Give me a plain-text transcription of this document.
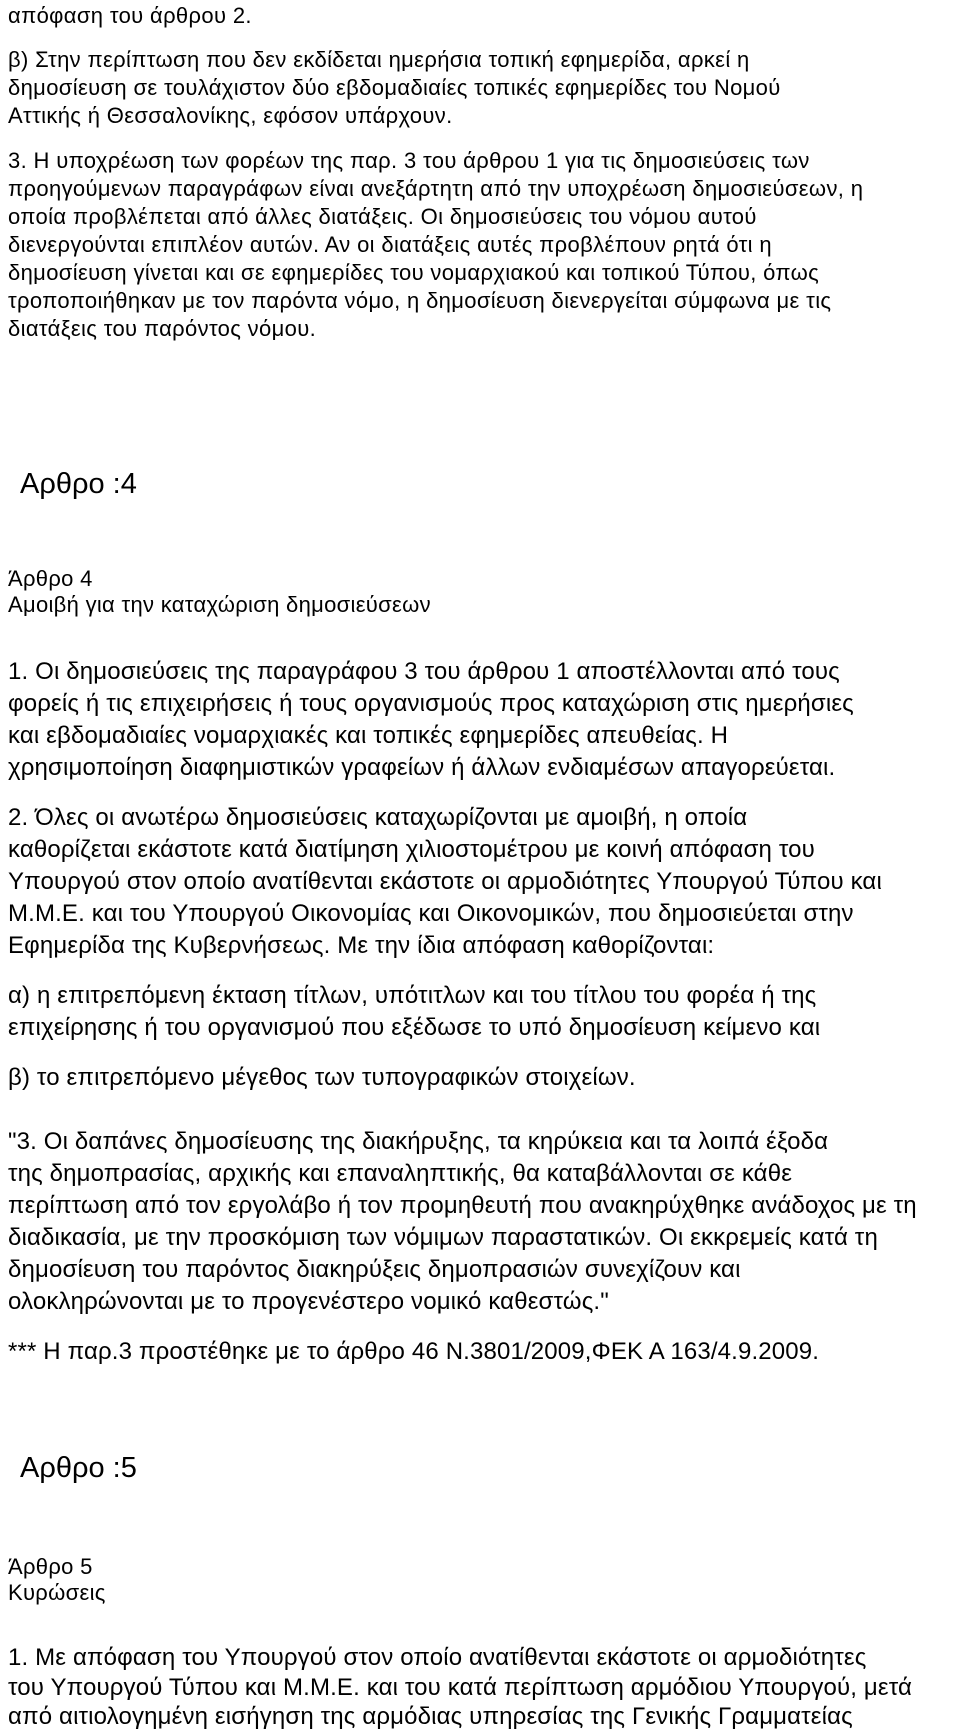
απόφαση του άρθρου 2.
β) Στην περίπτωση που δεν εκδίδεται ημερήσια τοπική εφημερίδα, αρκεί η
δημοσίευση σε τουλάχιστον δύο εβδομαδιαίες τοπικές εφημερίδες του Νομού
Αττικής ή Θεσσαλονίκης, εφόσον υπάρχουν.
3. Η υποχρέωση των φορέων της παρ. 3 του άρθρου 1 για τις δημοσιεύσεις των
προηγούμενων παραγράφων είναι ανεξάρτητη από την υποχρέωση δημοσιεύσεων, η
οποία προβλέπεται από άλλες διατάξεις. Οι δημοσιεύσεις του νόμου αυτού
διενεργούνται επιπλέον αυτών. Αν οι διατάξεις αυτές προβλέπουν ρητά ότι η
δημοσίευση γίνεται και σε εφημερίδες του νομαρχιακού και τοπικού Τύπου, όπως
τροποποιήθηκαν με τον παρόντα νόμο, η δημοσίευση διενεργείται σύμφωνα με τις
διατάξεις του παρόντος νόμου.
Αρθρο :4
Άρθρο 4
Αμοιβή για την καταχώριση δημοσιεύσεων
1. Οι δημοσιεύσεις της παραγράφου 3 του άρθρου 1 αποστέλλονται από τους
φορείς ή τις επιχειρήσεις ή τους οργανισμούς προς καταχώριση στις ημερήσιες
και εβδομαδιαίες νομαρχιακές και τοπικές εφημερίδες απευθείας. Η
χρησιμοποίηση διαφημιστικών γραφείων ή άλλων ενδιαμέσων απαγορεύεται.
2. Όλες οι ανωτέρω δημοσιεύσεις καταχωρίζονται με αμοιβή, η οποία
καθορίζεται εκάστοτε κατά διατίμηση χιλιοστομέτρου με κοινή απόφαση του
Υπουργού στον οποίο ανατίθενται εκάστοτε οι αρμοδιότητες Υπουργού Τύπου και
Μ.Μ.Ε. και του Υπουργού Οικονομίας και Οικονομικών, που δημοσιεύεται στην
Εφημερίδα της Κυβερνήσεως. Με την ίδια απόφαση καθορίζονται:
α) η επιτρεπόμενη έκταση τίτλων, υπότιτλων και του τίτλου του φορέα ή της
επιχείρησης ή του οργανισμού που εξέδωσε το υπό δημοσίευση κείμενο και
β) το επιτρεπόμενο μέγεθος των τυπογραφικών στοιχείων.
"3. Οι δαπάνες δημοσίευσης της διακήρυξης, τα κηρύκεια και τα λοιπά έξοδα
της δημοπρασίας, αρχικής και επαναληπτικής, θα καταβάλλονται σε κάθε
περίπτωση από τον εργολάβο ή τον προμηθευτή που ανακηρύχθηκε ανάδοχος με τη
διαδικασία, με την προσκόμιση των νόμιμων παραστατικών. Οι εκκρεμείς κατά τη
δημοσίευση του παρόντος διακηρύξεις δημοπρασιών συνεχίζουν και
ολοκληρώνονται με το προγενέστερο νομικό καθεστώς."
*** Η παρ.3 προστέθηκε με το άρθρο 46 Ν.3801/2009,ΦΕΚ Α 163/4.9.2009.
Αρθρο :5
Άρθρο 5
Κυρώσεις
1. Με απόφαση του Υπουργού στον οποίο ανατίθενται εκάστοτε οι αρμοδιότητες
του Υπουργού Τύπου και Μ.Μ.Ε. και του κατά περίπτωση αρμόδιου Υπουργού, μετά
από αιτιολογημένη εισήγηση της αρμόδιας υπηρεσίας της Γενικής Γραμματείας
